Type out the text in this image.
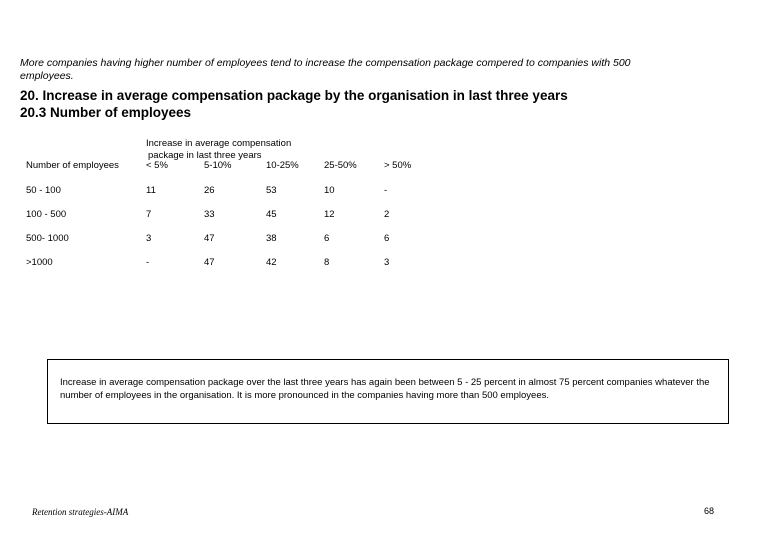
More companies having higher number of employees tend to increase the compensation package compered to companies with 500 employees.
20. Increase in average compensation package by the organisation in last three years
20.3 Number of employees
Increase in average compensation
package in last three years
Number of employees	< 5%	5-10%	10-25%	25-50%	> 50%
50 - 100	11	26	53	10	-
100 - 500	7	33	45	12	2
500- 1000	3	47	38	6	6
>1000	-	47	42	8	3
Increase in average compensation package over the last three years has again been between 5 - 25 percent in almost 75 percent companies whatever the number of employees in the organisation. It is more pronounced in the companies having more than 500 employees.
Retention strategies-AIMA	68
